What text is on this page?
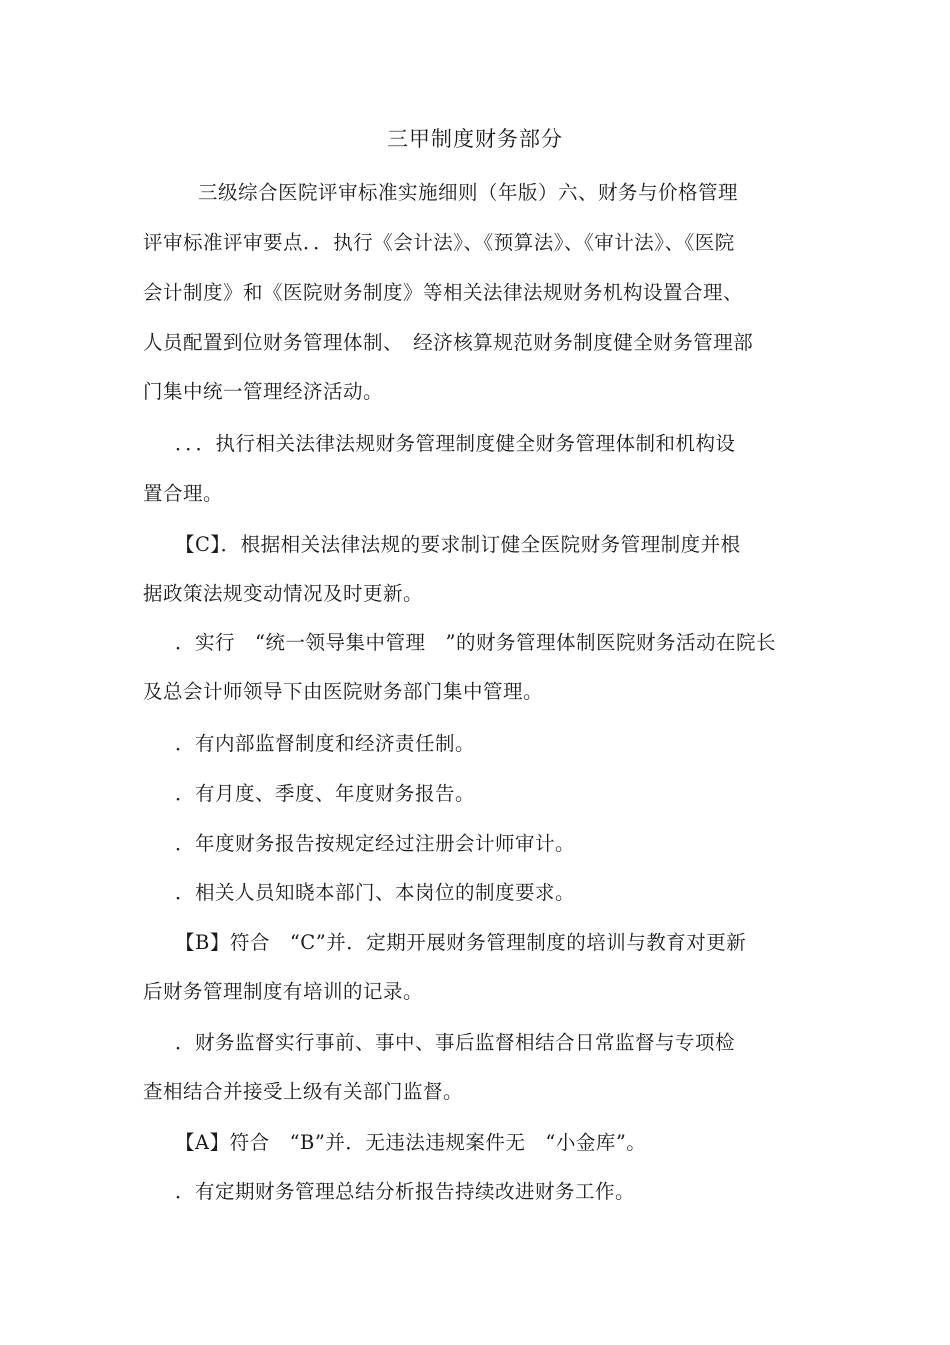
三甲制度财务部分
三级综合医院评审标准实施细则（年版）六、财务与价格管理
评审标准评审要点．．执行《会计法》、《预算法》、《审计法》、《医院
会计制度》和《医院财务制度》等相关法律法规财务机构设置合理、
人员配置到位财务管理体制、　经济核算规范财务制度健全财务管理部
门集中统一管理经济活动。
．．．执行相关法律法规财务管理制度健全财务管理体制和机构设
置合理。
【C】．根据相关法律法规的要求制订健全医院财务管理制度并根
据政策法规变动情况及时更新。
．实行　“统一领导集中管理　”的财务管理体制医院财务活动在院长
及总会计师领导下由医院财务部门集中管理。
．有内部监督制度和经济责任制。
．有月度、季度、年度财务报告。
．年度财务报告按规定经过注册会计师审计。
．相关人员知晓本部门、本岗位的制度要求。
【B】符合　“C”并．定期开展财务管理制度的培训与教育对更新
后财务管理制度有培训的记录。
．财务监督实行事前、事中、事后监督相结合日常监督与专项检
查相结合并接受上级有关部门监督。
【A】符合　“B”并．无违法违规案件无　“小金库”。
．有定期财务管理总结分析报告持续改进财务工作。
